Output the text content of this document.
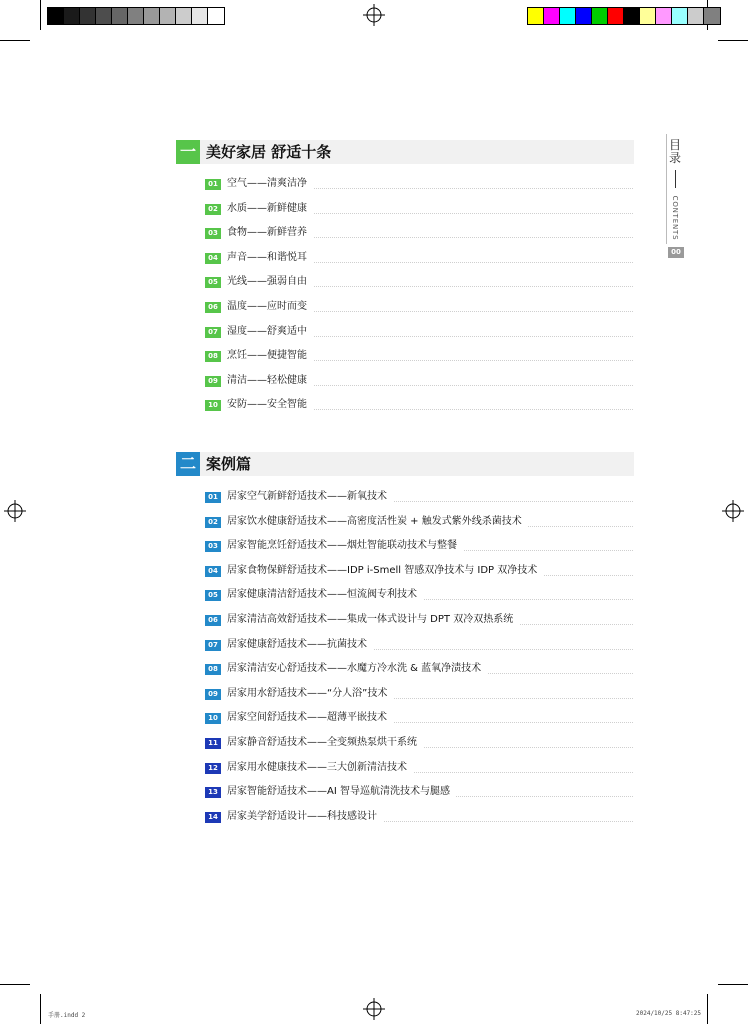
目录
CONTENTS
00
一 美好家居 舒适十条
01 空气——清爽洁净
02 水质——新鲜健康
03 食物——新鲜营养
04 声音——和谐悦耳
05 光线——强弱自由
06 温度——应时而变
07 湿度——舒爽适中
08 烹饪——便捷智能
09 清洁——轻松健康
10 安防——安全智能
二 案例篇
01 居家空气新鲜舒适技术——新氧技术
02 居家饮水健康舒适技术——高密度活性炭 + 触发式紫外线杀菌技术
03 居家智能烹饪舒适技术——烟灶智能联动技术与整餐
04 居家食物保鲜舒适技术——IDP i-Smell 智感双净技术与 IDP 双净技术
05 居家健康清洁舒适技术——恒流阀专利技术
06 居家清洁高效舒适技术——集成一体式设计与 DPT 双冷双热系统
07 居家健康舒适技术——抗菌技术
08 居家清洁安心舒适技术——水魔方冷水洗 & 蓝氧净渍技术
09 居家用水舒适技术——“分人浴”技术
10 居家空间舒适技术——超薄平嵌技术
11 居家静音舒适技术——全变频热泵烘干系统
12 居家用水健康技术——三大创新清洁技术
13 居家智能舒适技术——AI 智导巡航清洗技术与腿感
14 居家美学舒适设计——科技感设计
手册.indd 2	2024/10/25 8:47:25
